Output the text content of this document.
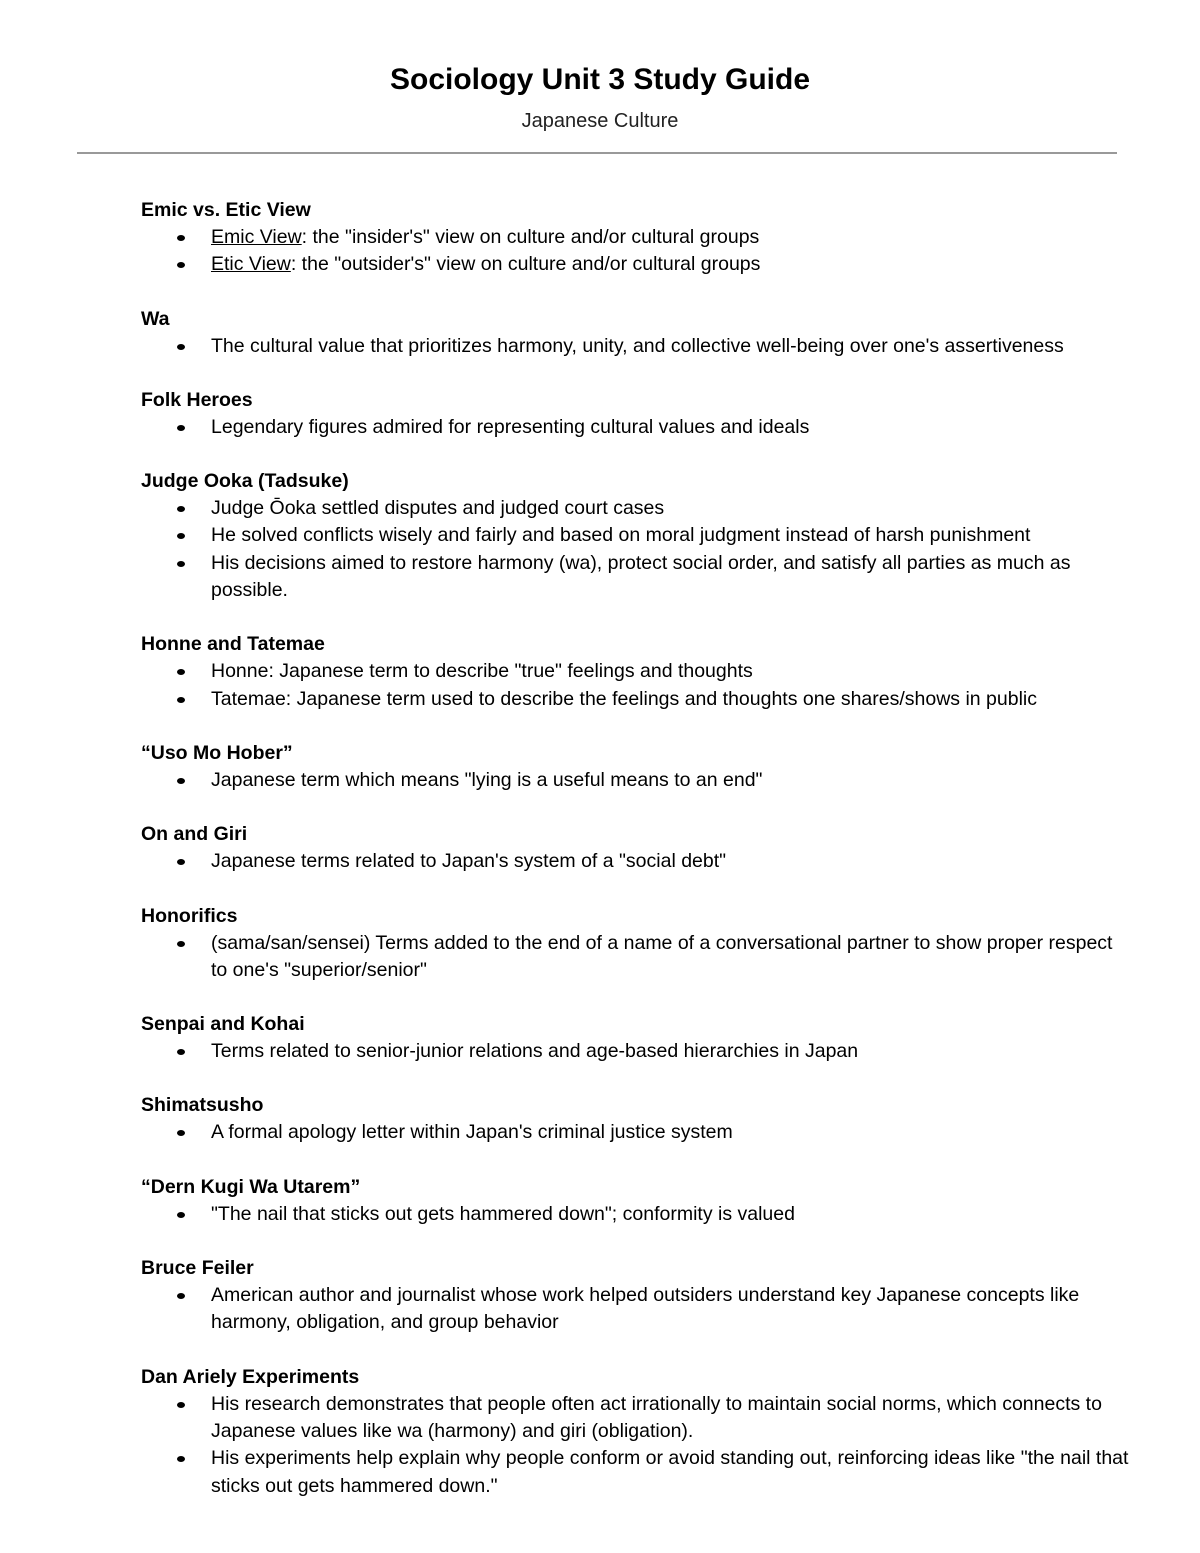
Sociology Unit 3 Study Guide
Japanese Culture
Emic vs. Etic View
Emic View: the "insider's" view on culture and/or cultural groups
Etic View: the "outsider's" view on culture and/or cultural groups
Wa
The cultural value that prioritizes harmony, unity, and collective well-being over one's assertiveness
Folk Heroes
Legendary figures admired for representing cultural values and ideals
Judge Ooka (Tadsuke)
Judge Ōoka settled disputes and judged court cases
He solved conflicts wisely and fairly and based on moral judgment instead of harsh punishment
His decisions aimed to restore harmony (wa), protect social order, and satisfy all parties as much as possible.
Honne and Tatemae
Honne: Japanese term to describe "true" feelings and thoughts
Tatemae: Japanese term used to describe the feelings and thoughts one shares/shows in public
“Uso Mo Hober”
Japanese term which means "lying is a useful means to an end"
On and Giri
Japanese terms related to Japan's system of a "social debt"
Honorifics
(sama/san/sensei) Terms added to the end of a name of a conversational partner to show proper respect to one's "superior/senior"
Senpai and Kohai
Terms related to senior-junior relations and age-based hierarchies in Japan
Shimatsusho
A formal apology letter within Japan's criminal justice system
“Dern Kugi Wa Utarem”
"The nail that sticks out gets hammered down"; conformity is valued
Bruce Feiler
American author and journalist whose work helped outsiders understand key Japanese concepts like harmony, obligation, and group behavior
Dan Ariely Experiments
His research demonstrates that people often act irrationally to maintain social norms, which connects to Japanese values like wa (harmony) and giri (obligation).
His experiments help explain why people conform or avoid standing out, reinforcing ideas like "the nail that sticks out gets hammered down."
